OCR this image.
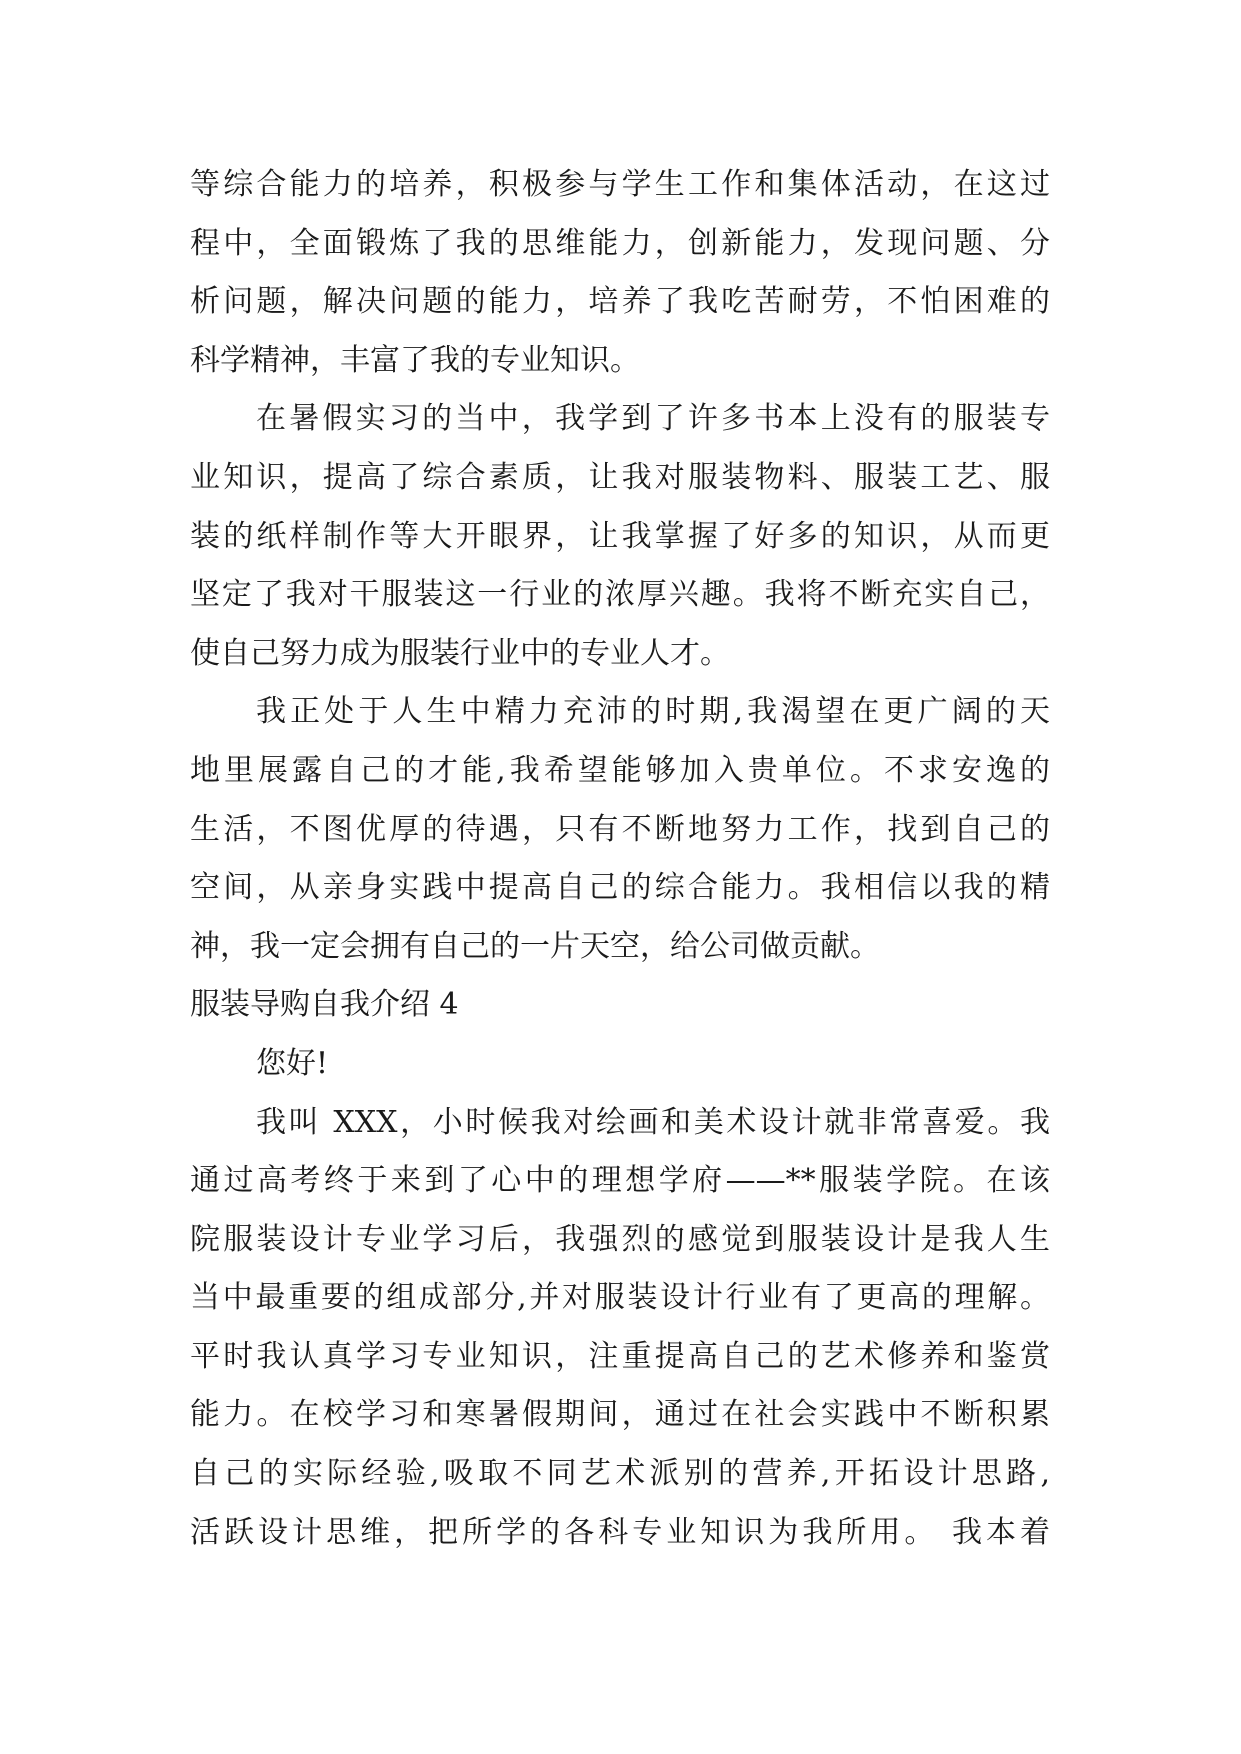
等综合能力的培养，积极参与学生工作和集体活动，在这过
程中，全面锻炼了我的思维能力，创新能力，发现问题、分
析问题，解决问题的能力，培养了我吃苦耐劳，不怕困难的
科学精神，丰富了我的专业知识。
在暑假实习的当中，我学到了许多书本上没有的服装专
业知识，提高了综合素质，让我对服装物料、服装工艺、服
装的纸样制作等大开眼界，让我掌握了好多的知识，从而更
坚定了我对干服装这一行业的浓厚兴趣。我将不断充实自己，
使自己努力成为服装行业中的专业人才。
我正处于人生中精力充沛的时期,我渴望在更广阔的天
地里展露自己的才能,我希望能够加入贵单位。不求安逸的
生活，不图优厚的待遇，只有不断地努力工作，找到自己的
空间，从亲身实践中提高自己的综合能力。我相信以我的精
神，我一定会拥有自己的一片天空，给公司做贡献。
服装导购自我介绍 4
您好!
我叫 XXX，小时候我对绘画和美术设计就非常喜爱。我
通过高考终于来到了心中的理想学府——**服装学院。在该
院服装设计专业学习后，我强烈的感觉到服装设计是我人生
当中最重要的组成部分,并对服装设计行业有了更高的理解。
平时我认真学习专业知识，注重提高自己的艺术修养和鉴赏
能力。在校学习和寒暑假期间，通过在社会实践中不断积累
自己的实际经验,吸取不同艺术派别的营养,开拓设计思路,
活跃设计思维，把所学的各科专业知识为我所用。 我本着
